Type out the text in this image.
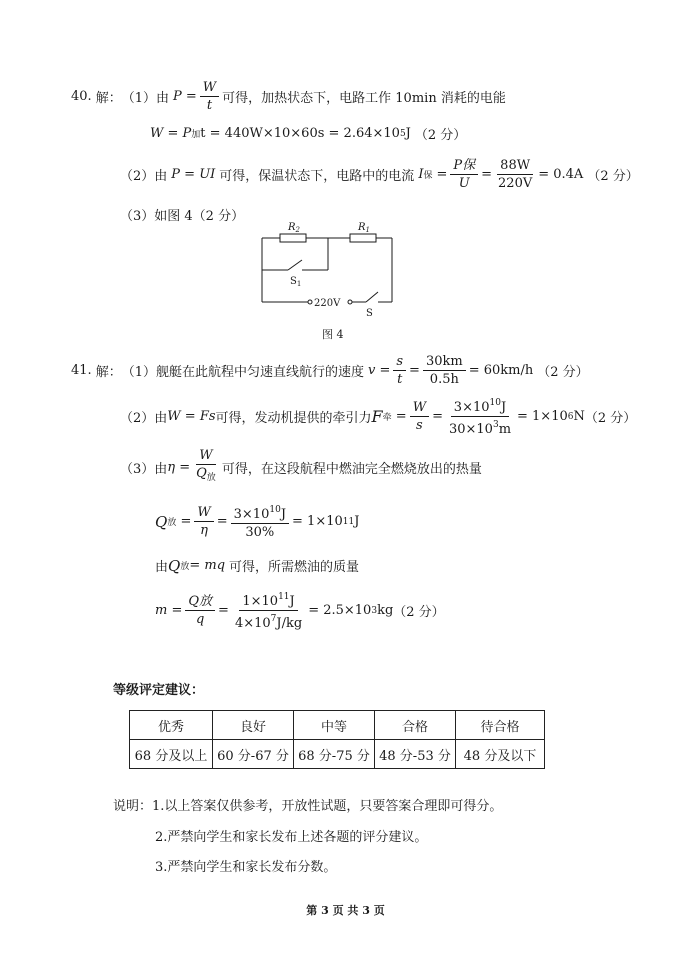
40. 解： （1） 由 $P = \frac{W}{t}$ 可得，加热状态下，电路工作 10min 消耗的电能
W = P 加 t = 440W×10×60s = 2.64×10 5 J （2 分）
（2） 由 P = UI 可得，保温状态下，电路中的电流 I 保 = $\frac{\text{P保}}{U} = \frac{88W}{220V} = 0.4A$ （2 分）
（3） 如图 4（2 分）
$R_2$	$R_1$
$S_1$
220V
S
图 4
41. 解： （1） 舰艇在此航程中匀速直线航行的速度 $v = \frac{s}{t} = \frac{30km}{0.5h} = 60km/h$ （2 分）
（2） 由 W = Fs 可得，发动机提供的牵引力 F 牵 = $\frac{W}{s} = \frac{3\times 10^{10}J}{30\times 10^3m} = 1\times 10$ 6 N （2 分）
（3） 由 $\eta = \frac{W}{Q_放}$ 可得，在这段航程中燃油完全燃烧放出的热量
Q 放 = $\frac{W}{\eta} = \frac{3\times 10^{10}J}{30\%} = 1\times 10$ 11 J
由 Q 放 = mq 可得，所需燃油的质量
$m = \frac{\text{Q放}}{q} = \frac{1\times 10^{11}J}{4\times 10^7J/kg} = 2.5\times 10$ 3 kg （2 分）
等级评定建议：
优秀	良好	中等	合格	待合格
68 分及以上	60 分-67 分	68 分-75 分	48 分-53 分	48 分及以下
说明： 1.以上答案仅供参考，开放性试题，只要答案合理即可得分。
2.严禁向学生和家长发布上述各题的评分建议。
3.严禁向学生和家长发布分数。
第 3 页 共 3 页
